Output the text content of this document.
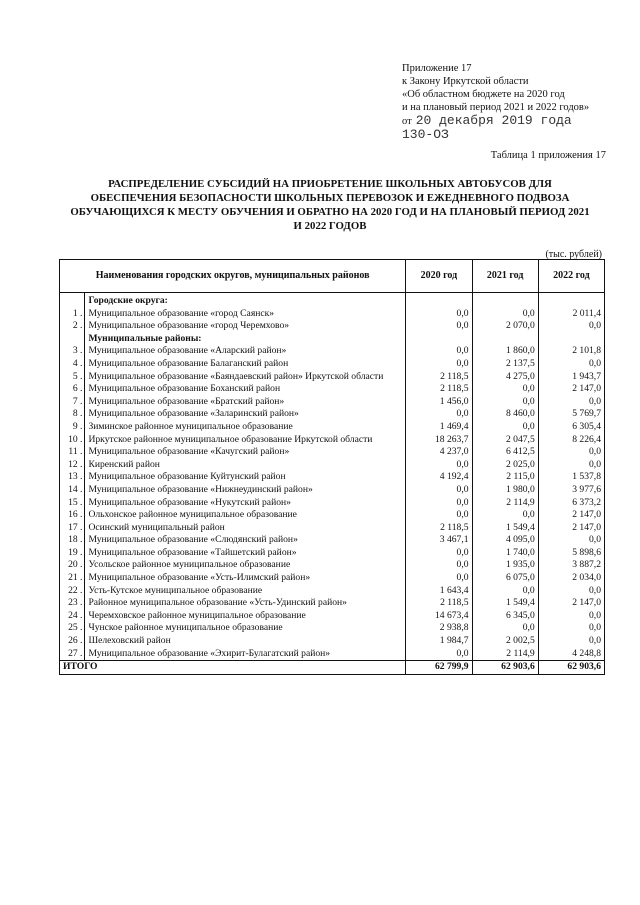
Приложение 17
к Закону Иркутской области
«Об областном бюджете на 2020 год
и на плановый период 2021 и 2022 годов»
от 20 декабря 2019 года
130-ОЗ
Таблица 1 приложения 17
РАСПРЕДЕЛЕНИЕ СУБСИДИЙ НА ПРИОБРЕТЕНИЕ ШКОЛЬНЫХ АВТОБУСОВ ДЛЯ ОБЕСПЕЧЕНИЯ БЕЗОПАСНОСТИ ШКОЛЬНЫХ ПЕРЕВОЗОК И ЕЖЕДНЕВНОГО ПОДВОЗА ОБУЧАЮЩИХСЯ К МЕСТУ ОБУЧЕНИЯ И ОБРАТНО НА 2020 ГОД И НА ПЛАНОВЫЙ ПЕРИОД 2021 И 2022 ГОДОВ
(тыс. рублей)
Наименования городских округов, муниципальных районов		2020 год	2021 год	2022 год
	Городские округа:			
1 .	Муниципальное образование «город Саянск»	0,0	0,0	2 011,4
2 .	Муниципальное образование «город Черемхово»	0,0	2 070,0	0,0
	Муниципальные районы:			
3 .	Муниципальное образование «Аларский район»	0,0	1 860,0	2 101,8
4 .	Муниципальное образование Балаганский район	0,0	2 137,5	0,0
5 .	Муниципальное образование «Баяндаевский район» Иркутской области	2 118,5	4 275,0	1 943,7
6 .	Муниципальное образование Боханский район	2 118,5	0,0	2 147,0
7 .	Муниципальное образование «Братский район»	1 456,0	0,0	0,0
8 .	Муниципальное образование «Заларинский район»	0,0	8 460,0	5 769,7
9 .	Зиминское районное муниципальное образование	1 469,4	0,0	6 305,4
10 .	Иркутское районное муниципальное образование Иркутской области	18 263,7	2 047,5	8 226,4
11 .	Муниципальное образование «Качугский район»	4 237,0	6 412,5	0,0
12 .	Киренский район	0,0	2 025,0	0,0
13 .	Муниципальное образование Куйтунский район	4 192,4	2 115,0	1 537,8
14 .	Муниципальное образование «Нижнеудинский район»	0,0	1 980,0	3 977,6
15 .	Муниципальное образование «Нукутский район»	0,0	2 114,9	6 373,2
16 .	Ольхонское районное муниципальное образование	0,0	0,0	2 147,0
17 .	Осинский муниципальный район	2 118,5	1 549,4	2 147,0
18 .	Муниципальное образование «Слюдянский район»	3 467,1	4 095,0	0,0
19 .	Муниципальное образование «Тайшетский район»	0,0	1 740,0	5 898,6
20 .	Усольское районное муниципальное образование	0,0	1 935,0	3 887,2
21 .	Муниципальное образование «Усть-Илимский район»	0,0	6 075,0	2 034,0
22 .	Усть-Кутское муниципальное образование	1 643,4	0,0	0,0
23 .	Районное муниципальное образование «Усть-Удинский район»	2 118,5	1 549,4	2 147,0
24 .	Черемховское районное муниципальное образование	14 673,4	6 345,0	0,0
25 .	Чунское районное муниципальное образование	2 938,8	0,0	0,0
26 .	Шелеховский район	1 984,7	2 002,5	0,0
27 .	Муниципальное образование «Эхирит-Булагатский район»	0,0	2 114,9	4 248,8
ИТОГО		62 799,9	62 903,6	62 903,6
